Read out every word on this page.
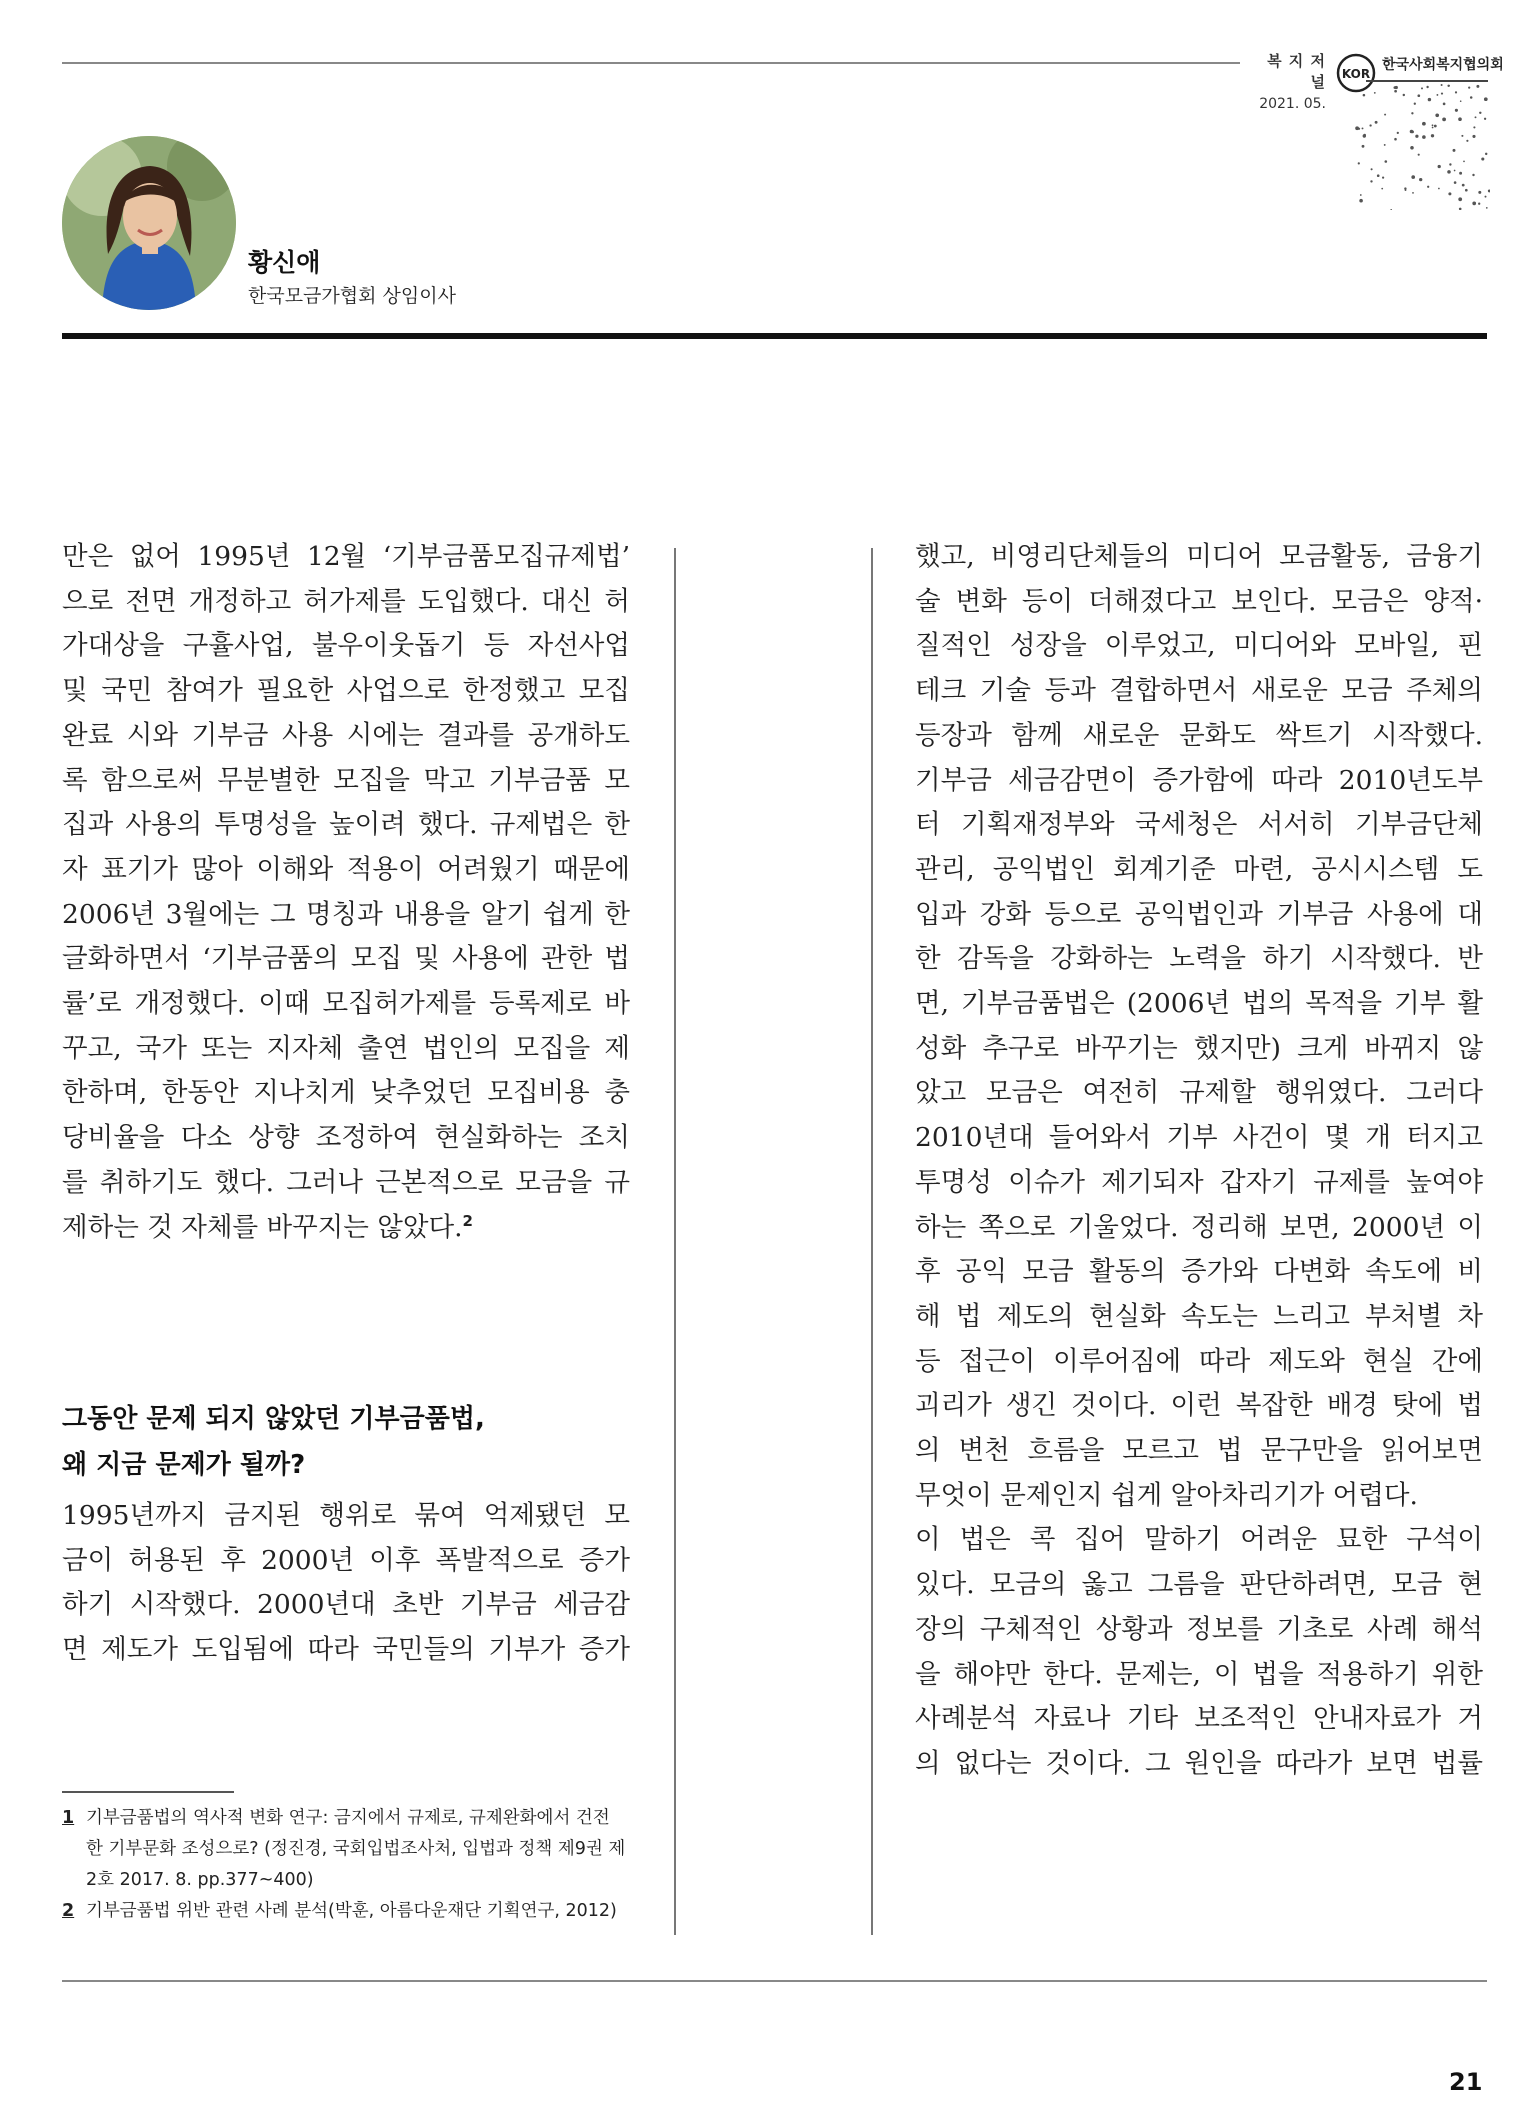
복 지 저 널
2021. 05.
KOR
한국사회복지협의회
황신애
한국모금가협회 상임이사

만은 없어 1995년 12월 ‘기부금품모집규제법’

으로 전면 개정하고 허가제를 도입했다. 대신 허

가대상을 구휼사업, 불우이웃돕기 등 자선사업

및 국민 참여가 필요한 사업으로 한정했고 모집

완료 시와 기부금 사용 시에는 결과를 공개하도

록 함으로써 무분별한 모집을 막고 기부금품 모

집과 사용의 투명성을 높이려 했다. 규제법은 한

자 표기가 많아 이해와 적용이 어려웠기 때문에

2006년 3월에는 그 명칭과 내용을 알기 쉽게 한

글화하면서 ‘기부금품의 모집 및 사용에 관한 법

률’로 개정했다. 이때 모집허가제를 등록제로 바

꾸고, 국가 또는 지자체 출연 법인의 모집을 제

한하며, 한동안 지나치게 낮추었던 모집비용 충

당비율을 다소 상향 조정하여 현실화하는 조치

를 취하기도 했다. 그러나 근본적으로 모금을 규

제하는 것 자체를 바꾸지는 않았다.$^2$

그동안 문제 되지 않았던 기부금품법,
왜 지금 문제가 될까?

1995년까지 금지된 행위로 묶여 억제됐던 모

금이 허용된 후 2000년 이후 폭발적으로 증가

하기 시작했다. 2000년대 초반 기부금 세금감

면 제도가 도입됨에 따라 국민들의 기부가 증가

1 기부금품법의 역사적 변화 연구: 금지에서 규제로, 규제완화에서 건전
한 기부문화 조성으로? (정진경, 국회입법조사처, 입법과 정책 제9권 제
2호 2017. 8. pp.377~400)
2 기부금품법 위반 관련 사례 분석(박훈, 아름다운재단 기획연구, 2012)

했고, 비영리단체들의 미디어 모금활동, 금융기

술 변화 등이 더해졌다고 보인다. 모금은 양적·

질적인 성장을 이루었고, 미디어와 모바일, 핀

테크 기술 등과 결합하면서 새로운 모금 주체의

등장과 함께 새로운 문화도 싹트기 시작했다.

기부금 세금감면이 증가함에 따라 2010년도부

터 기획재정부와 국세청은 서서히 기부금단체

관리, 공익법인 회계기준 마련, 공시시스템 도

입과 강화 등으로 공익법인과 기부금 사용에 대

한 감독을 강화하는 노력을 하기 시작했다. 반

면, 기부금품법은 (2006년 법의 목적을 기부 활

성화 추구로 바꾸기는 했지만) 크게 바뀌지 않

았고 모금은 여전히 규제할 행위였다. 그러다

2010년대 들어와서 기부 사건이 몇 개 터지고

투명성 이슈가 제기되자 갑자기 규제를 높여야

하는 쪽으로 기울었다. 정리해 보면, 2000년 이

후 공익 모금 활동의 증가와 다변화 속도에 비

해 법 제도의 현실화 속도는 느리고 부처별 차

등 접근이 이루어짐에 따라 제도와 현실 간에

괴리가 생긴 것이다. 이런 복잡한 배경 탓에 법

의 변천 흐름을 모르고 법 문구만을 읽어보면

무엇이 문제인지 쉽게 알아차리기가 어렵다.

이 법은 콕 집어 말하기 어려운 묘한 구석이

있다. 모금의 옳고 그름을 판단하려면, 모금 현

장의 구체적인 상황과 정보를 기초로 사례 해석

을 해야만 한다. 문제는, 이 법을 적용하기 위한

사례분석 자료나 기타 보조적인 안내자료가 거

의 없다는 것이다. 그 원인을 따라가 보면 법률

21
